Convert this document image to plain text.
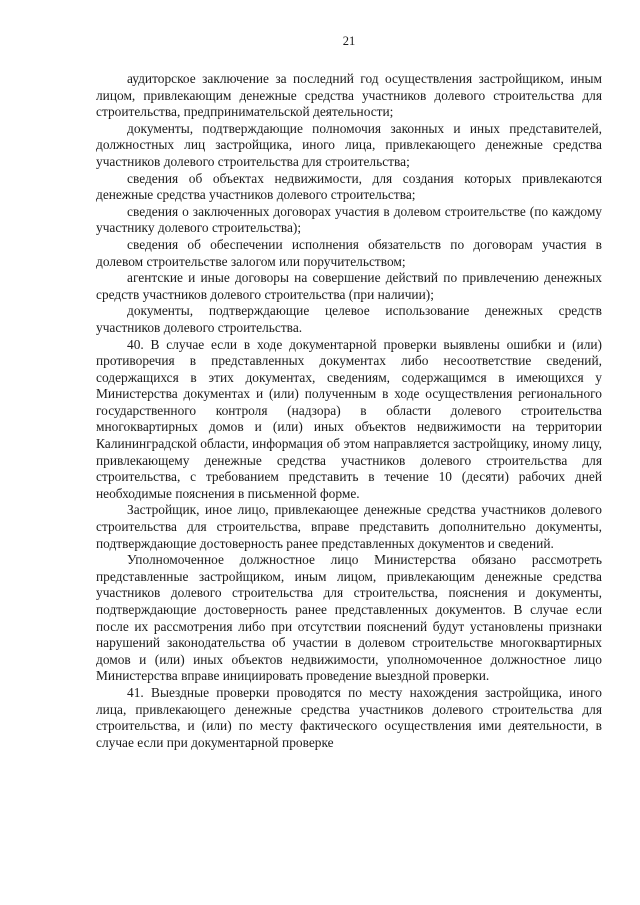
21

аудиторское заключение за последний год осуществления застройщиком, иным лицом, привлекающим денежные средства участников долевого строительства для строительства, предпринимательской деятельности;

документы, подтверждающие полномочия законных и иных представителей, должностных лиц застройщика, иного лица, привлекающего денежные средства участников долевого строительства для строительства;

сведения об объектах недвижимости, для создания которых привлекаются денежные средства участников долевого строительства;

сведения о заключенных договорах участия в долевом строительстве (по каждому участнику долевого строительства);

сведения об обеспечении исполнения обязательств по договорам участия в долевом строительстве залогом или поручительством;

агентские и иные договоры на совершение действий по привлечению денежных средств участников долевого строительства (при наличии);

документы, подтверждающие целевое использование денежных средств участников долевого строительства.

40. В случае если в ходе документарной проверки выявлены ошибки и (или) противоречия в представленных документах либо несоответствие сведений, содержащихся в этих документах, сведениям, содержащимся в имеющихся у Министерства документах и (или) полученным в ходе осуществления регионального государственного контроля (надзора) в области долевого строительства многоквартирных домов и (или) иных объектов недвижимости на территории Калининградской области, информация об этом направляется застройщику, иному лицу, привлекающему денежные средства участников долевого строительства для строительства, с требованием представить в течение 10 (десяти) рабочих дней необходимые пояснения в письменной форме.

Застройщик, иное лицо, привлекающее денежные средства участников долевого строительства для строительства, вправе представить дополнительно документы, подтверждающие достоверность ранее представленных документов и сведений.

Уполномоченное должностное лицо Министерства обязано рассмотреть представленные застройщиком, иным лицом, привлекающим денежные средства участников долевого строительства для строительства, пояснения и документы, подтверждающие достоверность ранее представленных документов. В случае если после их рассмотрения либо при отсутствии пояснений будут установлены признаки нарушений законодательства об участии в долевом строительстве многоквартирных домов и (или) иных объектов недвижимости, уполномоченное должностное лицо Министерства вправе инициировать проведение выездной проверки.

41. Выездные проверки проводятся по месту нахождения застройщика, иного лица, привлекающего денежные средства участников долевого строительства для строительства, и (или) по месту фактического осуществления ими деятельности, в случае если при документарной проверке
